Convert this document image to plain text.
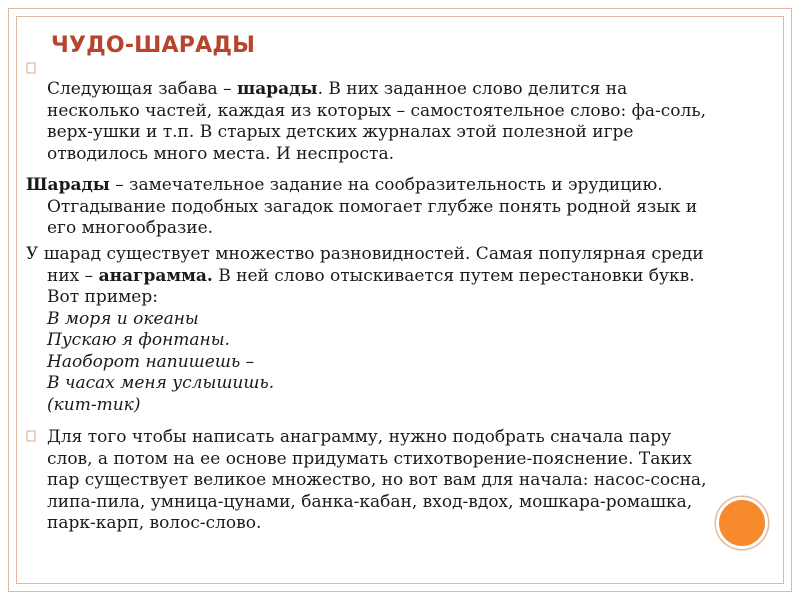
ЧУДО-ШАРАДЫ
Следующая забава – шарады. В них заданное слово делится на
несколько частей, каждая из которых – самостоятельное слово: фа-соль,
верх-ушки и т.п. В старых детских журналах этой полезной игре
отводилось много места. И неспроста.
Шарады – замечательное задание на сообразительность и эрудицию.
Отгадывание подобных загадок помогает глубже понять родной язык и
его многообразие.
У шарад существует множество разновидностей. Самая популярная среди
них – анаграмма. В ней слово отыскивается путем перестановки букв.
Вот пример:
В моря и океаны
Пускаю я фонтаны.
Наоборот напишешь –
В часах меня услышишь.
(кит-тик)
Для того чтобы написать анаграмму, нужно подобрать сначала пару
слов, а потом на ее основе придумать стихотворение-пояснение. Таких
пар существует великое множество, но вот вам для начала: насос-сосна,
липа-пила, умница-цунами, банка-кабан, вход-вдох, мошкара-ромашка,
парк-карп, волос-слово.
